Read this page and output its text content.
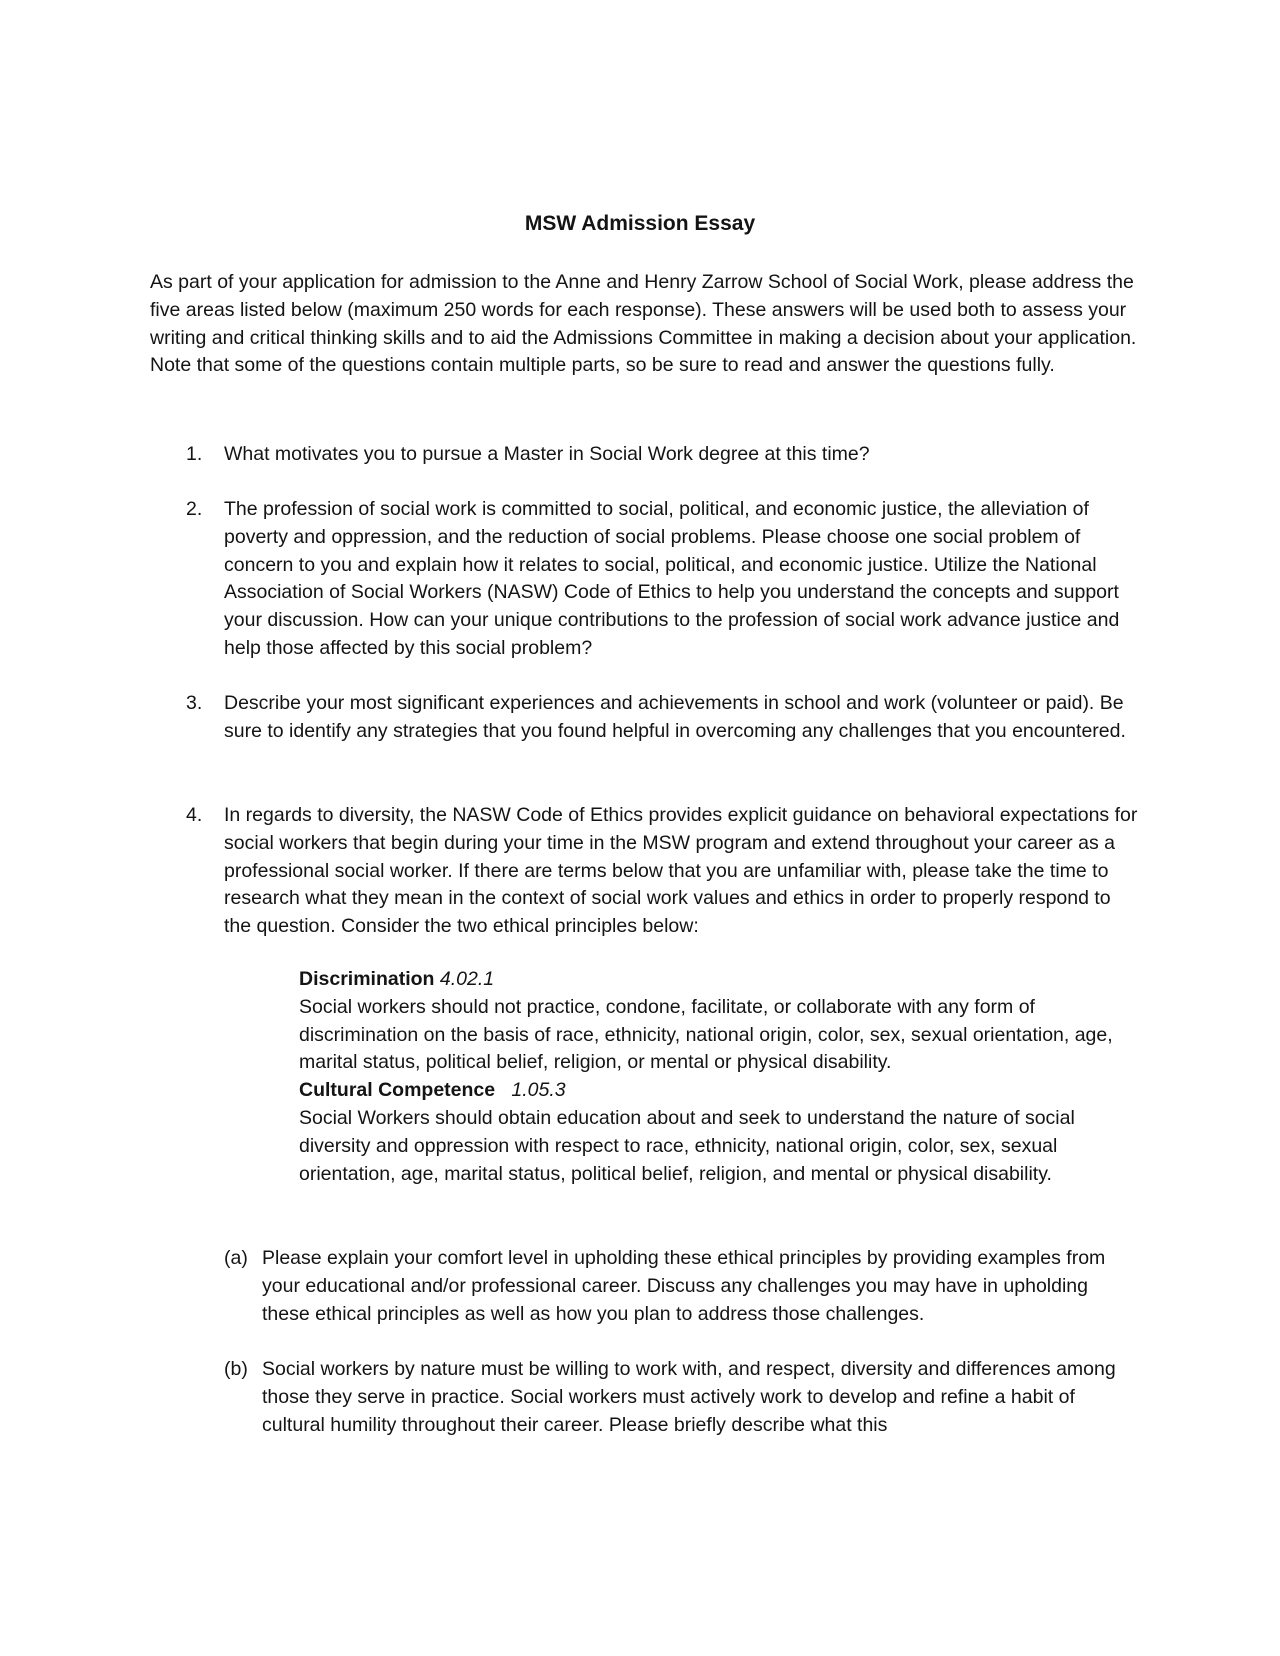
MSW Admission Essay

As part of your application for admission to the Anne and Henry Zarrow School of Social Work, please address the five areas listed below (maximum 250 words for each response). These answers will be used both to assess your writing and critical thinking skills and to aid the Admissions Committee in making a decision about your application. Note that some of the questions contain multiple parts, so be sure to read and answer the questions fully.

1. What motivates you to pursue a Master in Social Work degree at this time?

2. The profession of social work is committed to social, political, and economic justice, the alleviation of poverty and oppression, and the reduction of social problems. Please choose one social problem of concern to you and explain how it relates to social, political, and economic justice. Utilize the National Association of Social Workers (NASW) Code of Ethics to help you understand the concepts and support your discussion. How can your unique contributions to the profession of social work advance justice and help those affected by this social problem?

3. Describe your most significant experiences and achievements in school and work (volunteer or paid). Be sure to identify any strategies that you found helpful in overcoming any challenges that you encountered.

4. In regards to diversity, the NASW Code of Ethics provides explicit guidance on behavioral expectations for social workers that begin during your time in the MSW program and extend throughout your career as a professional social worker. If there are terms below that you are unfamiliar with, please take the time to research what they mean in the context of social work values and ethics in order to properly respond to the question. Consider the two ethical principles below:

Discrimination 4.02.1

Social workers should not practice, condone, facilitate, or collaborate with any form of discrimination on the basis of race, ethnicity, national origin, color, sex, sexual orientation, age, marital status, political belief, religion, or mental or physical disability.

Cultural Competence 1.05.3

Social Workers should obtain education about and seek to understand the nature of social diversity and oppression with respect to race, ethnicity, national origin, color, sex, sexual orientation, age, marital status, political belief, religion, and mental or physical disability.

(a) Please explain your comfort level in upholding these ethical principles by providing examples from your educational and/or professional career. Discuss any challenges you may have in upholding these ethical principles as well as how you plan to address those challenges.

(b) Social workers by nature must be willing to work with, and respect, diversity and differences among those they serve in practice. Social workers must actively work to develop and refine a habit of cultural humility throughout their career. Please briefly describe what this
